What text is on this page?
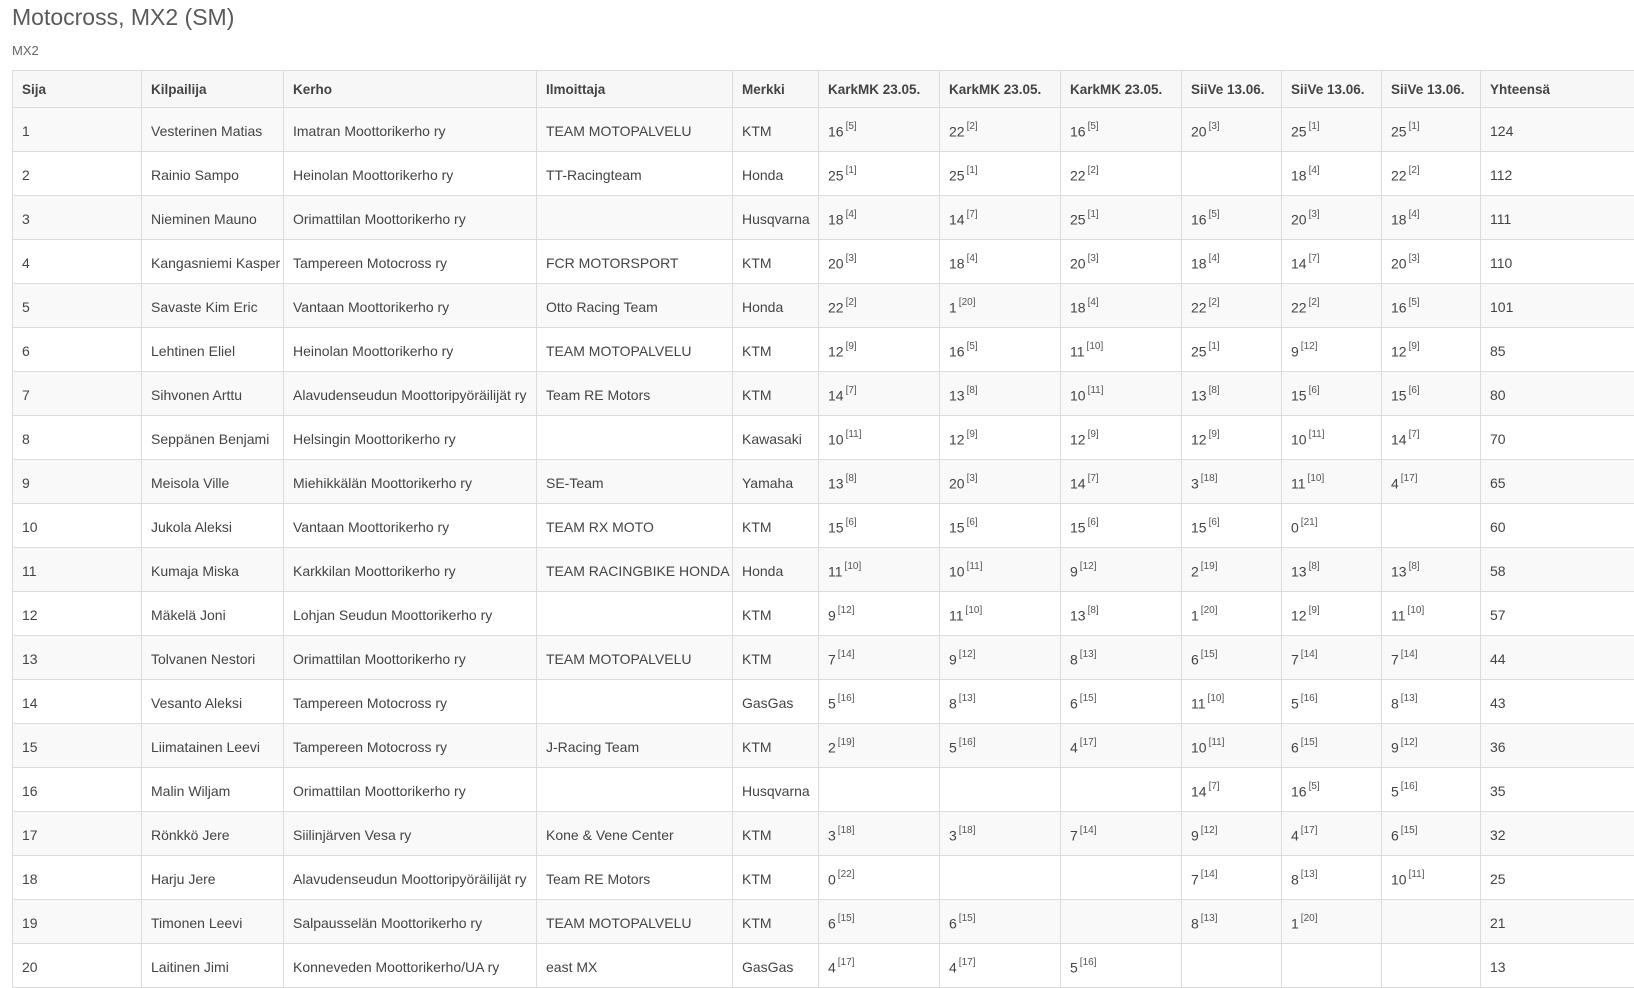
Motocross, MX2 (SM)
MX2
Sija	Kilpailija	Kerho	Ilmoittaja	Merkki	KarkMK 23.05.	KarkMK 23.05.	KarkMK 23.05.	SiiVe 13.06.	SiiVe 13.06.	SiiVe 13.06.	Yhteensä
1	Vesterinen Matias	Imatran Moottorikerho ry	TEAM MOTOPALVELU	KTM	16 [5]	22 [2]	16 [5]	20 [3]	25 [1]	25 [1]	124
2	Rainio Sampo	Heinolan Moottorikerho ry	TT-Racingteam	Honda	25 [1]	25 [1]	22 [2]		18 [4]	22 [2]	112
3	Nieminen Mauno	Orimattilan Moottorikerho ry		Husqvarna	18 [4]	14 [7]	25 [1]	16 [5]	20 [3]	18 [4]	111
4	Kangasniemi Kasper	Tampereen Motocross ry	FCR MOTORSPORT	KTM	20 [3]	18 [4]	20 [3]	18 [4]	14 [7]	20 [3]	110
5	Savaste Kim Eric	Vantaan Moottorikerho ry	Otto Racing Team	Honda	22 [2]	1 [20]	18 [4]	22 [2]	22 [2]	16 [5]	101
6	Lehtinen Eliel	Heinolan Moottorikerho ry	TEAM MOTOPALVELU	KTM	12 [9]	16 [5]	11 [10]	25 [1]	9 [12]	12 [9]	85
7	Sihvonen Arttu	Alavudenseudun Moottoripyöräilijät ry	Team RE Motors	KTM	14 [7]	13 [8]	10 [11]	13 [8]	15 [6]	15 [6]	80
8	Seppänen Benjami	Helsingin Moottorikerho ry		Kawasaki	10 [11]	12 [9]	12 [9]	12 [9]	10 [11]	14 [7]	70
9	Meisola Ville	Miehikkälän Moottorikerho ry	SE-Team	Yamaha	13 [8]	20 [3]	14 [7]	3 [18]	11 [10]	4 [17]	65
10	Jukola Aleksi	Vantaan Moottorikerho ry	TEAM RX MOTO	KTM	15 [6]	15 [6]	15 [6]	15 [6]	0 [21]		60
11	Kumaja Miska	Karkkilan Moottorikerho ry	TEAM RACINGBIKE HONDA	Honda	11 [10]	10 [11]	9 [12]	2 [19]	13 [8]	13 [8]	58
12	Mäkelä Joni	Lohjan Seudun Moottorikerho ry		KTM	9 [12]	11 [10]	13 [8]	1 [20]	12 [9]	11 [10]	57
13	Tolvanen Nestori	Orimattilan Moottorikerho ry	TEAM MOTOPALVELU	KTM	7 [14]	9 [12]	8 [13]	6 [15]	7 [14]	7 [14]	44
14	Vesanto Aleksi	Tampereen Motocross ry		GasGas	5 [16]	8 [13]	6 [15]	11 [10]	5 [16]	8 [13]	43
15	Liimatainen Leevi	Tampereen Motocross ry	J-Racing Team	KTM	2 [19]	5 [16]	4 [17]	10 [11]	6 [15]	9 [12]	36
16	Malin Wiljam	Orimattilan Moottorikerho ry		Husqvarna				14 [7]	16 [5]	5 [16]	35
17	Rönkkö Jere	Siilinjärven Vesa ry	Kone & Vene Center	KTM	3 [18]	3 [18]	7 [14]	9 [12]	4 [17]	6 [15]	32
18	Harju Jere	Alavudenseudun Moottoripyöräilijät ry	Team RE Motors	KTM	0 [22]			7 [14]	8 [13]	10 [11]	25
19	Timonen Leevi	Salpausselän Moottorikerho ry	TEAM MOTOPALVELU	KTM	6 [15]	6 [15]		8 [13]	1 [20]		21
20	Laitinen Jimi	Konneveden Moottorikerho/UA ry	east MX	GasGas	4 [17]	4 [17]	5 [16]				13
